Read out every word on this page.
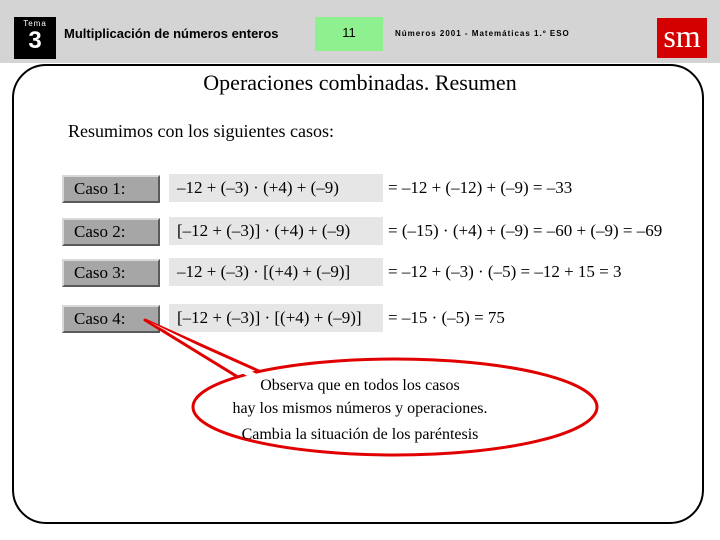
Tema
3	Multiplicación de números enteros	11	Números 2001 - Matemáticas 1.º ESO	sm
Operaciones combinadas. Resumen
Resumimos con los siguientes casos:
Caso 1:	–12 + (–3) · (+4) + (–9)	= –12 + (–12) + (–9) = –33
Caso 2:	[–12 + (–3)] · (+4) + (–9)	= (–15) · (+4) + (–9) = –60 + (–9) = –69
Caso 3:	–12 + (–3) · [(+4) + (–9)]	= –12 + (–3) · (–5) = –12 + 15 = 3
Caso 4:	[–12 + (–3)] · [(+4) + (–9)]	= –15 · (–5) = 75
Observa que en todos los casos
hay los mismos números y operaciones.
Cambia la situación de los paréntesis
